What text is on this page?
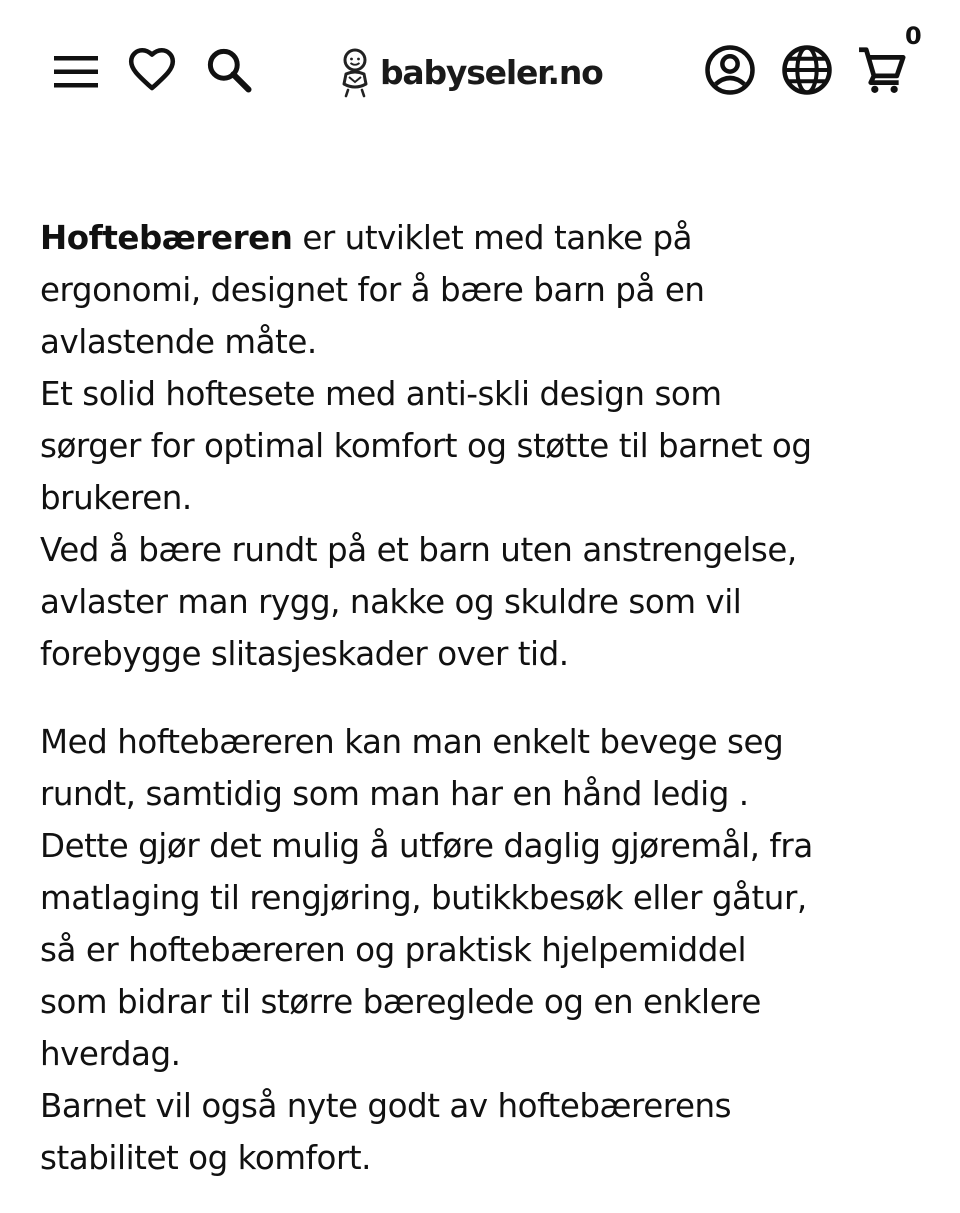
babyseler.no
0

Hoftebæreren er utviklet med tanke på
ergonomi, designet for å bære barn på en
avlastende måte.
Et solid hoftesete med anti-skli design som
sørger for optimal komfort og støtte til barnet og
brukeren.
Ved å bære rundt på et barn uten anstrengelse,
avlaster man rygg, nakke og skuldre som vil
forebygge slitasjeskader over tid.

Med hoftebæreren kan man enkelt bevege seg
rundt, samtidig som man har en hånd ledig .
Dette gjør det mulig å utføre daglig gjøremål, fra
matlaging til rengjøring, butikkbesøk eller gåtur,
så er hoftebæreren og praktisk hjelpemiddel
som bidrar til større bæreglede og en enklere
hverdag.
Barnet vil også nyte godt av hoftebærerens
stabilitet og komfort.
